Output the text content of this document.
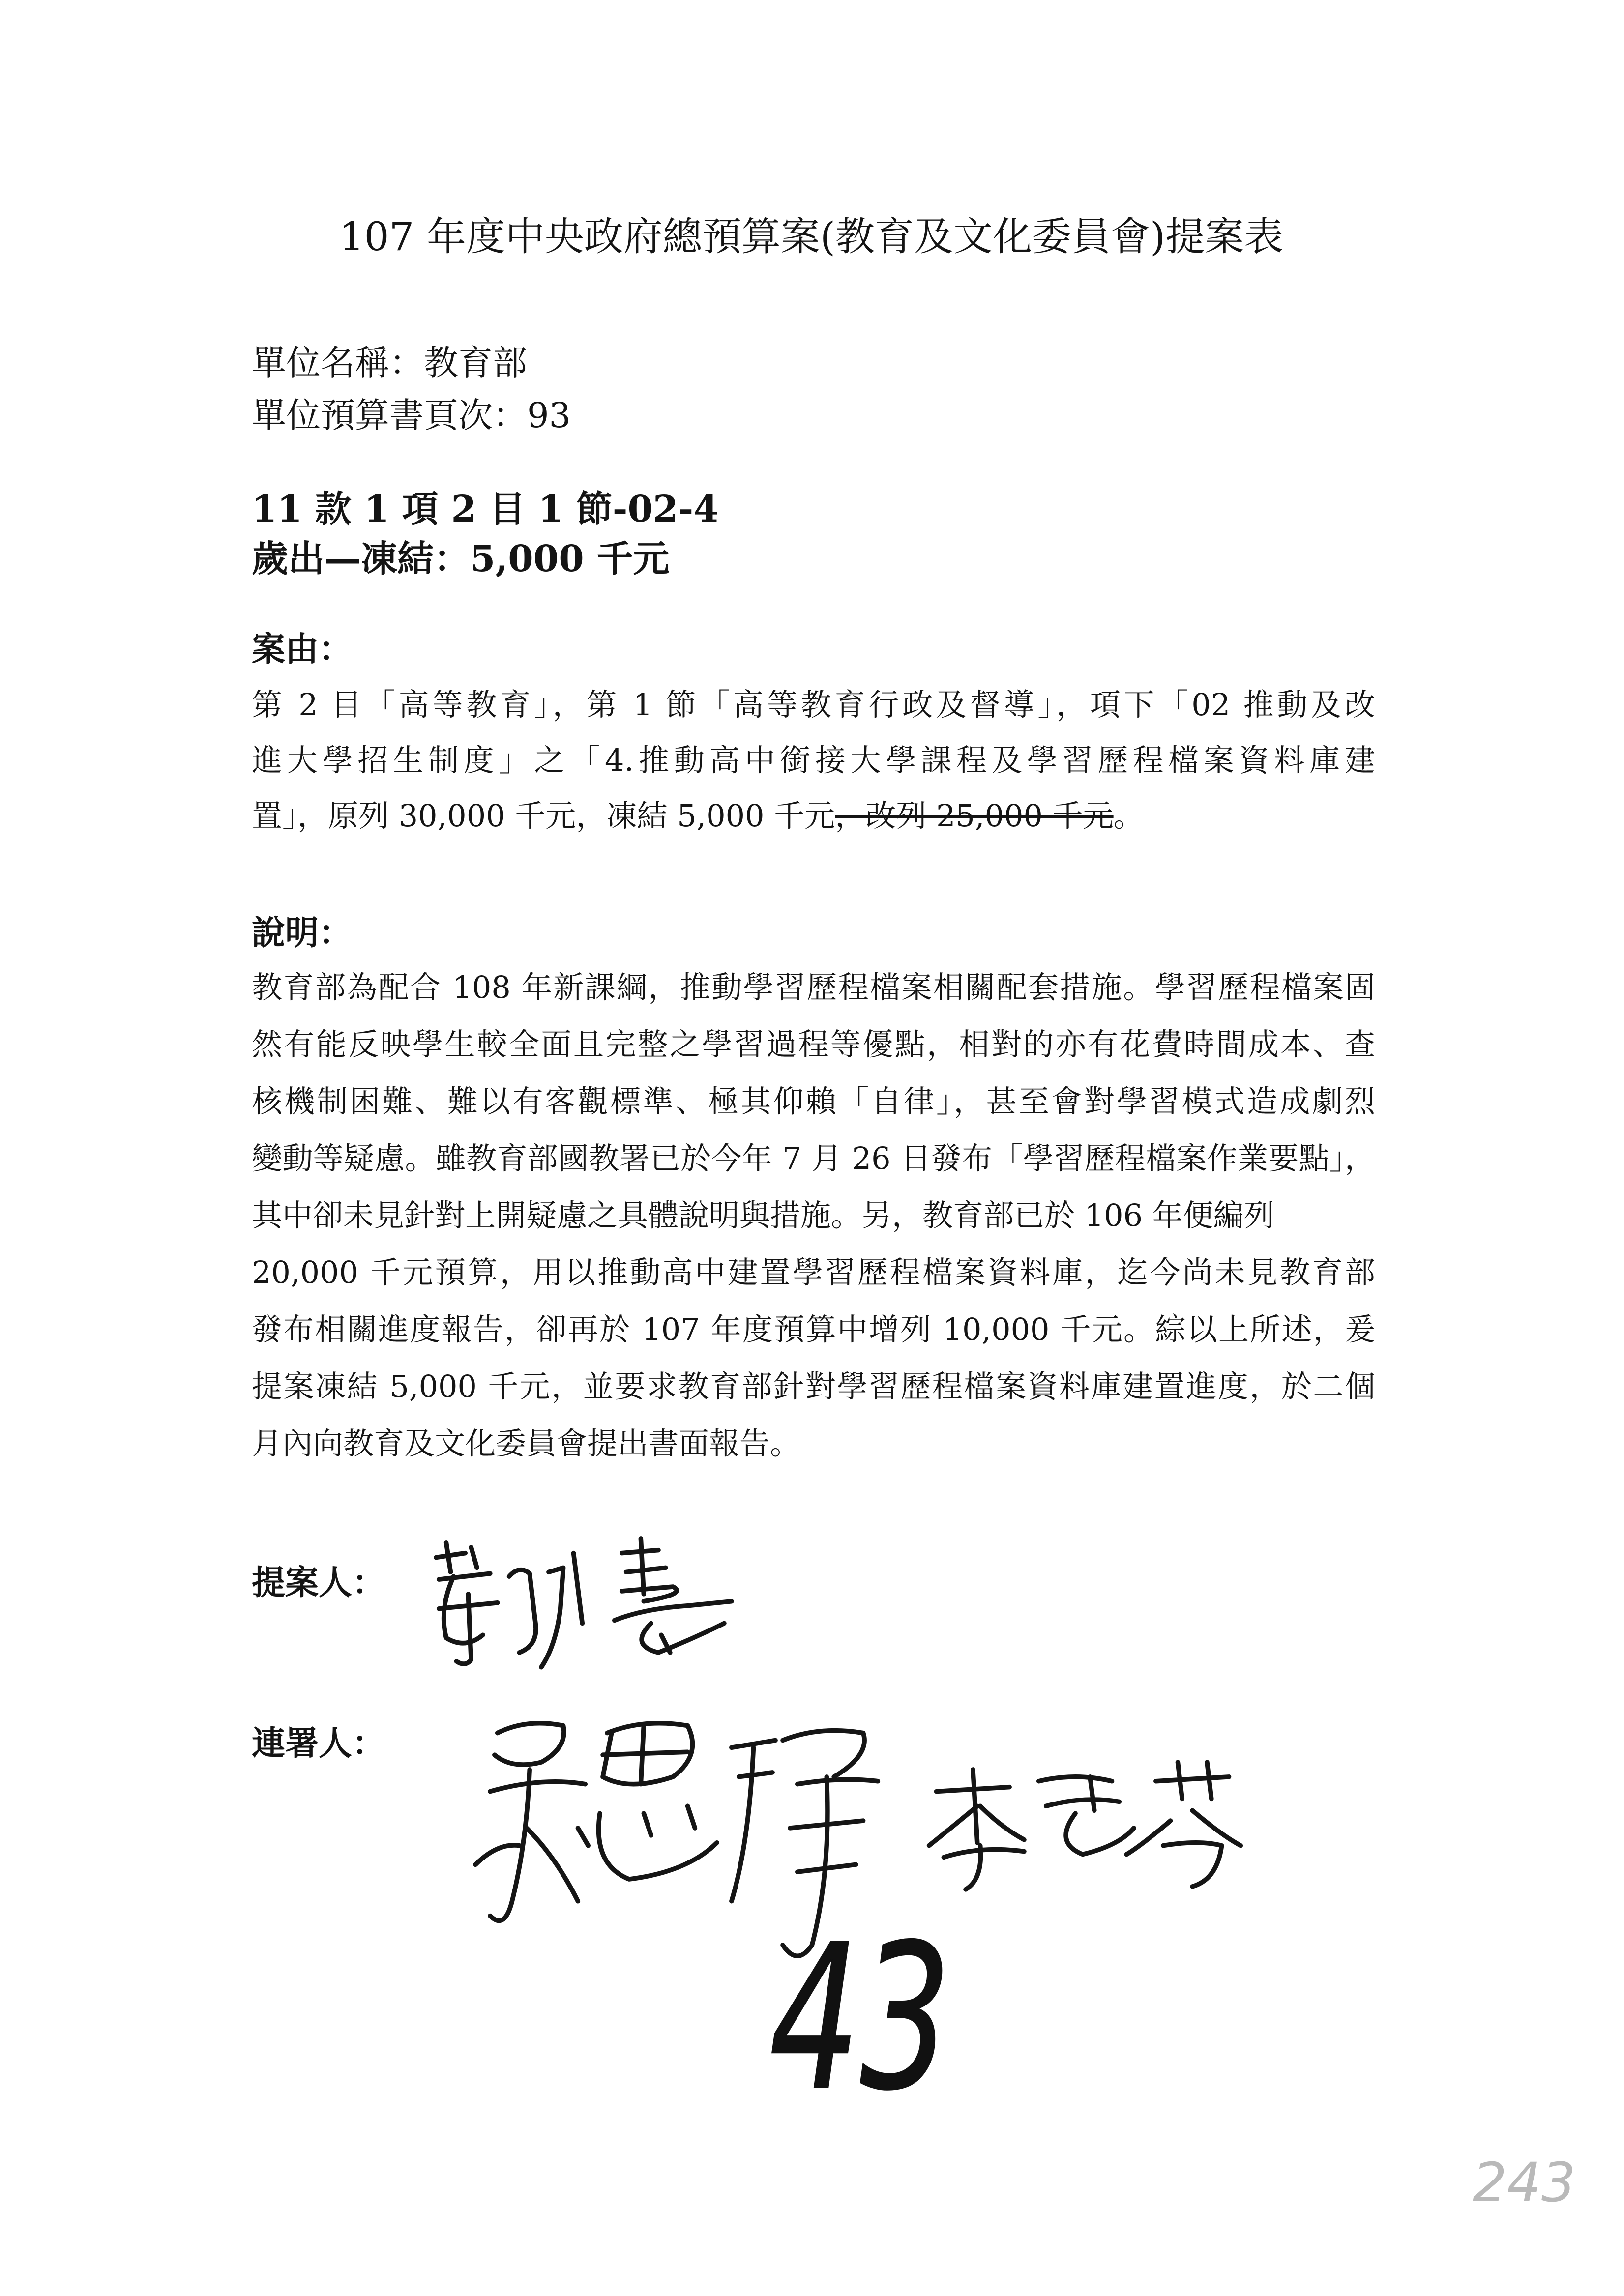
107 年度中央政府總預算案(教育及文化委員會)提案表
單位名稱：教育部
單位預算書頁次：93
11 款 1 項 2 目 1 節-02-4
歲出—凍結：5,000 千元
案由：
第 2 目「高等教育」，第 1 節「高等教育行政及督導」，項下「02 推動及改
進大學招生制度」之「4.推動高中銜接大學課程及學習歷程檔案資料庫建
置」，原列 30,000 千元，凍結 5,000 千元，改列 25,000 千元。
說明：
教育部為配合 108 年新課綱，推動學習歷程檔案相關配套措施。學習歷程檔案固
然有能反映學生較全面且完整之學習過程等優點，相對的亦有花費時間成本、查
核機制困難、難以有客觀標準、極其仰賴「自律」，甚至會對學習模式造成劇烈
變動等疑慮。雖教育部國教署已於今年 7 月 26 日發布「學習歷程檔案作業要點」，
其中卻未見針對上開疑慮之具體說明與措施。另，教育部已於 106 年便編列
20,000 千元預算，用以推動高中建置學習歷程檔案資料庫，迄今尚未見教育部
發布相關進度報告，卻再於 107 年度預算中增列 10,000 千元。綜以上所述，爰
提案凍結 5,000 千元，並要求教育部針對學習歷程檔案資料庫建置進度，於二個
月內向教育及文化委員會提出書面報告。
提案人：
連署人：
43
243
